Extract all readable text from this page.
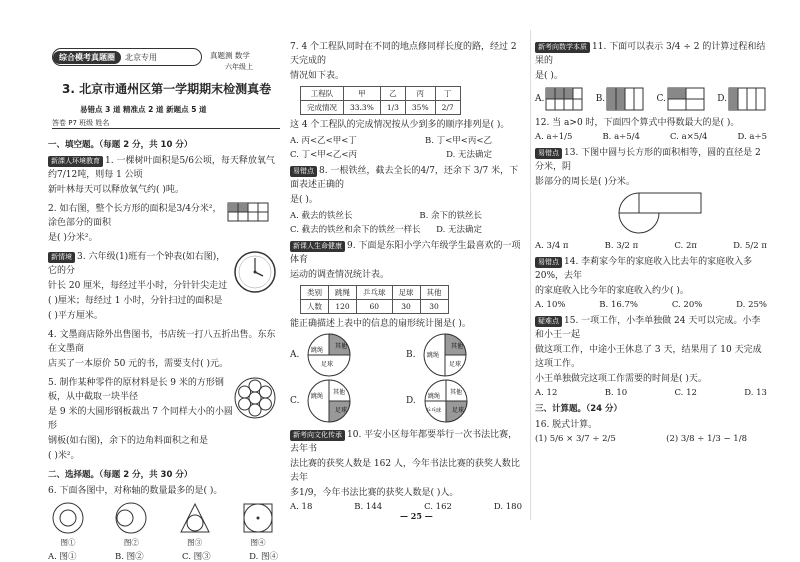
综合模考真题圈	北京专用	真题测 数学
六年级上
3. 北京市通州区第一学期期末检测真卷
易错点 3 道 精准点 2 道 新题点 5 道
答卷 P7 班级 姓名
一、填空题。（每题 2 分，共 10 分）
新課人环境教育 1. 一棵树叶面积是5/6公顷，每天释放氧气约7/12吨，则每 1 公顷
新叶林每天可以释放氧气约( )吨。
2. 如右图，整个长方形的面积是3/4分米²，涂色部分的面积
是( )分米²。
新情境 3. 六年级(1)班有一个钟表(如右图)，它的分
针长 20 厘米，每经过半小时，分针针尖走过
( )厘米；每经过 1 小时，分针扫过的面积是
( )平方厘米。
4. 文墨商店除外出售图书，书店统一打八五折出售。东东在文墨商
店买了一本原价 50 元的书，需要支付( )元。
5. 制作某种零件的原材料是长 9 米的方形钢板，从中截取一块半径
是 9 米的大圆形钢板裁出 7 个同样大小的小圆形
钢板(如右图)，余下的边角料面积之和是
( )米²。
二、选择题。（每题 2 分，共 30 分）
6. 下面各图中，对称轴的数量最多的是( )。
图①	图②	图③	图④
A. 图①	B. 图②	C. 图③	D. 图④
7. 4 个工程队同时在不同的地点修同样长度的路，经过 2 天完成的
情况如下表。
工程队	甲	乙	丙	丁
完成情况	33.3%	1/3	35%	2/7
这 4 个工程队的完成情况按从少到多的顺序排列是( )。
A. 丙<乙<甲<丁	B. 丁<甲<丙<乙
C. 丁<甲<乙<丙	D. 无法确定
易错点 8. 一根铁丝，截去全长的4/7，还余下 3/7 米，下面表述正确的
是( )。
A. 截去的铁丝长	B. 余下的铁丝长
C. 截去的铁丝和余下的铁丝一样长 D. 无法确定
新课人生命健康 9. 下面是东阳小学六年级学生最喜欢的一项体育
运动的调查情况统计表。
类别	跳绳	乒乓球	足球	其他
人数	120	60	30	30
能正确描述上表中的信息的扇形统计图是( )。
A. 跳绳
其他
足球
B. 跳绳
其他
足球
C. 跳绳
其他
足球
D. 跳绳
其他
足球
乒乓球
新考向文化传承 10. 平安小区每年都要举行一次书法比赛，去年书
法比赛的获奖人数是 162 人，今年书法比赛的获奖人数比去年
多1/9，今年书法比赛的获奖人数是( )人。
A. 18	B. 144	C. 162	D. 180
新考向数学本质 11. 下面可以表示 3/4 ÷ 2 的计算过程和结果的
是( )。
A.	B.	C.	D.
12. 当 a>0 时，下面四个算式中得数最大的是( )。
A. a÷1/5	B. a÷5/4	C. a×5/4	D. a÷5
易错点 13. 下图中圆与长方形的面积相等，圆的直径是 2 分米，阴
影部分的周长是( )分米。
A. 3/4 π	B. 3/2 π	C. 2π	D. 5/2 π
易错点 14. 李莉家今年的家庭收入比去年的家庭收入多 20%，去年
的家庭收入比今年的家庭收入约少( )。
A. 10%	B. 16.7%	C. 20%	D. 25%
疑难点 15. 一项工作，小李单独做 24 天可以完成。小李和小王一起
做这项工作，中途小王休息了 3 天，结果用了 10 天完成这项工作。
小王单独做完这项工作需要的时间是( )天。
A. 12	B. 10	C. 12	D. 13
三、计算题。（24 分）
16. 脱式计算。
(1) 5/6 × 3/7 ÷ 2/5	(2) 3/8 ÷ 1/3 − 1/8
— 25 —
